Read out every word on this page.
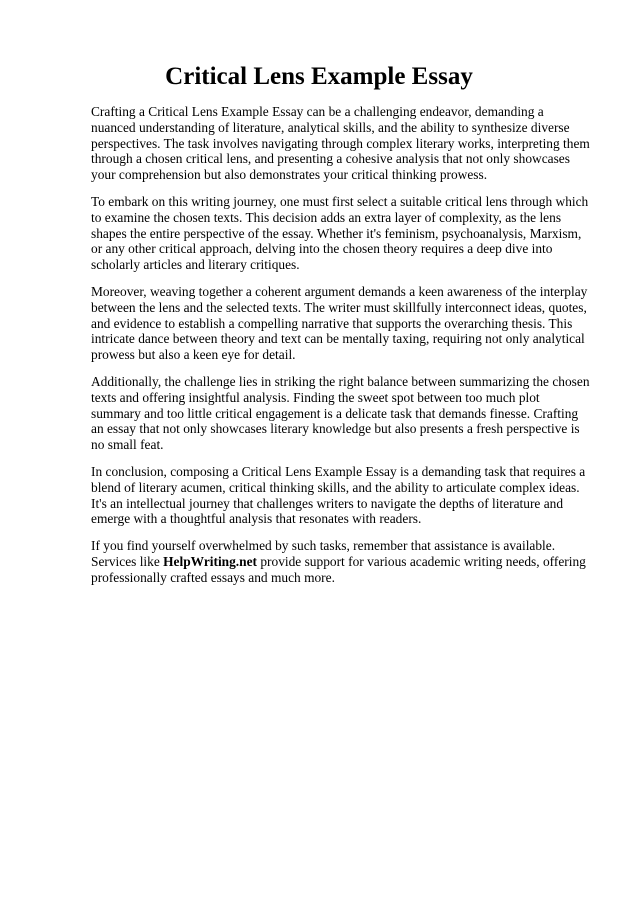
Critical Lens Example Essay

Crafting a Critical Lens Example Essay can be a challenging endeavor, demanding a nuanced understanding of literature, analytical skills, and the ability to synthesize diverse perspectives. The task involves navigating through complex literary works, interpreting them through a chosen critical lens, and presenting a cohesive analysis that not only showcases your comprehension but also demonstrates your critical thinking prowess.

To embark on this writing journey, one must first select a suitable critical lens through which to examine the chosen texts. This decision adds an extra layer of complexity, as the lens shapes the entire perspective of the essay. Whether it's feminism, psychoanalysis, Marxism, or any other critical approach, delving into the chosen theory requires a deep dive into scholarly articles and literary critiques.

Moreover, weaving together a coherent argument demands a keen awareness of the interplay between the lens and the selected texts. The writer must skillfully interconnect ideas, quotes, and evidence to establish a compelling narrative that supports the overarching thesis. This intricate dance between theory and text can be mentally taxing, requiring not only analytical prowess but also a keen eye for detail.

Additionally, the challenge lies in striking the right balance between summarizing the chosen texts and offering insightful analysis. Finding the sweet spot between too much plot summary and too little critical engagement is a delicate task that demands finesse. Crafting an essay that not only showcases literary knowledge but also presents a fresh perspective is no small feat.

In conclusion, composing a Critical Lens Example Essay is a demanding task that requires a blend of literary acumen, critical thinking skills, and the ability to articulate complex ideas. It's an intellectual journey that challenges writers to navigate the depths of literature and emerge with a thoughtful analysis that resonates with readers.

If you find yourself overwhelmed by such tasks, remember that assistance is available. Services like HelpWriting.net provide support for various academic writing needs, offering professionally crafted essays and much more.
